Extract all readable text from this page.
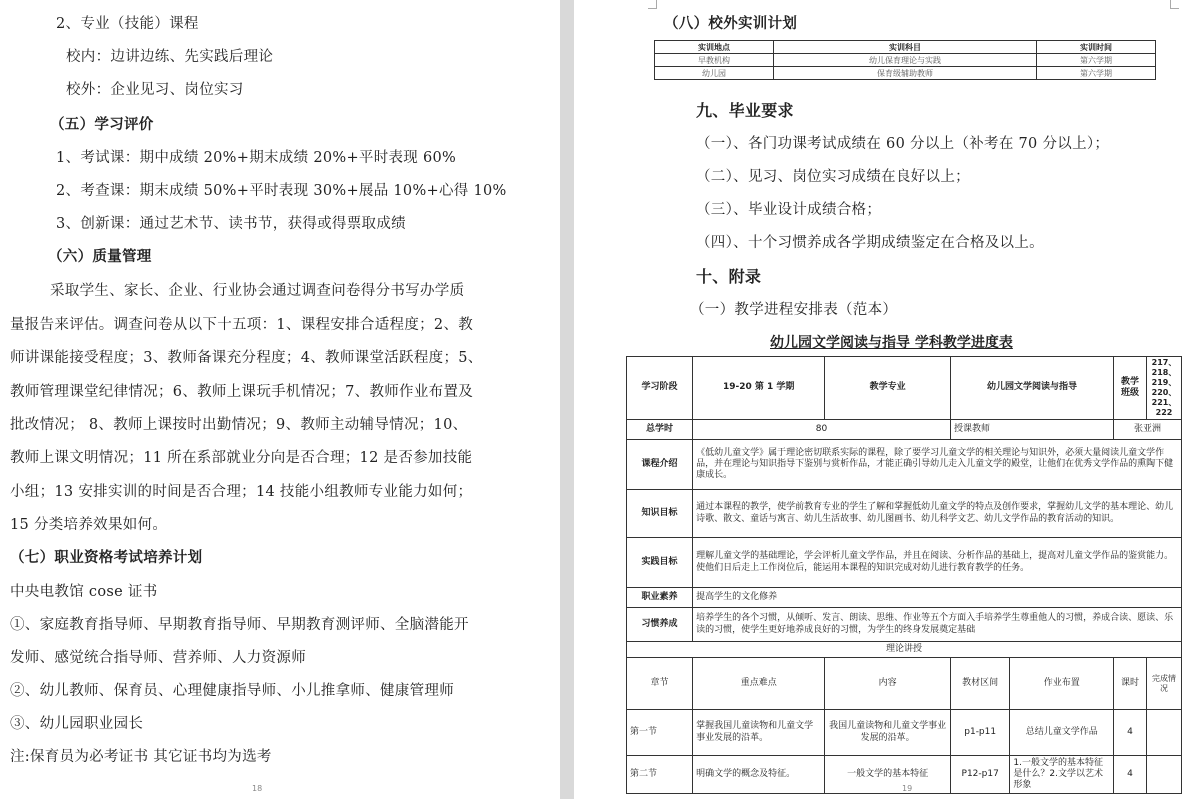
2、专业（技能）课程
校内：边讲边练、先实践后理论
校外：企业见习、岗位实习
（五）学习评价
1、考试课：期中成绩 20%+期末成绩 20%+平时表现 60%
2、考查课：期末成绩 50%+平时表现 30%+展品 10%+心得 10%
3、创新课：通过艺术节、读书节，获得或得票取成绩
（六）质量管理
采取学生、家长、企业、行业协会通过调查问卷得分书写办学质
量报告来评估。调查问卷从以下十五项：1、课程安排合适程度；2、教
师讲课能接受程度；3、教师备课充分程度；4、教师课堂活跃程度；5、
教师管理课堂纪律情况；6、教师上课玩手机情况；7、教师作业布置及
批改情况； 8、教师上课按时出勤情况；9、教师主动辅导情况；10、
教师上课文明情况；11 所在系部就业分向是否合理；12 是否参加技能
小组；13 安排实训的时间是否合理；14 技能小组教师专业能力如何；
15 分类培养效果如何。
（七）职业资格考试培养计划
中央电教馆 cose 证书
①、家庭教育指导师、早期教育指导师、早期教育测评师、全脑潜能开
发师、感觉统合指导师、营养师、人力资源师
②、幼儿教师、保育员、心理健康指导师、小儿推拿师、健康管理师
③、幼儿园职业园长
注:保育员为必考证书 其它证书均为选考
18
（八）校外实训计划
实训地点	实训科目	实训时间
早教机构	幼儿保育理论与实践	第六学期
幼儿园	保育级辅助教师	第六学期
九、毕业要求
（一）、各门功课考试成绩在 60 分以上（补考在 70 分以上）；
（二）、见习、岗位实习成绩在良好以上；
（三）、毕业设计成绩合格；
（四）、十个习惯养成各学期成绩鉴定在合格及以上。
十、附录
（一）教学进程安排表（范本）
幼儿园文学阅读与指导 学科教学进度表
学习阶段	19-20 第 1 学期	教学专业	幼儿园文学阅读与指导		教学班级	217、218、219、220、221、222
总学时	80		授课教师		张亚洲	
课程介绍	《低幼儿童文学》属于理论密切联系实际的课程，除了要学习儿童文学的相关理论与知识外，必须大量阅读儿童文学作品，并在理论与知识指导下鉴别与赏析作品，才能正确引导幼儿走入儿童文学的殿堂，让他们在优秀文学作品的熏陶下健康成长。					
知识目标	通过本课程的教学，使学前教育专业的学生了解和掌握低幼儿童文学的特点及创作要求，掌握幼儿文学的基本理论、幼儿诗歌、散文、童话与寓言、幼儿生活故事、幼儿图画书、幼儿科学文艺、幼儿文学作品的教育活动的知识。					
实践目标	理解儿童文学的基础理论，学会评析儿童文学作品，并且在阅读、分析作品的基础上，提高对儿童文学作品的鉴赏能力。使他们日后走上工作岗位后，能运用本课程的知识完成对幼儿进行教育教学的任务。					
职业素养	提高学生的文化修养					
习惯养成	培养学生的各个习惯，从倾听、发言、朗读、思维、作业等五个方面入手培养学生尊重他人的习惯，养成合读、愿读、乐读的习惯，使学生更好地养成良好的习惯，为学生的终身发展奠定基础					
理论讲授						
章节	重点难点	内容	教材区间	作业布置	课时	完成情况
第一节	掌握我国儿童读物和儿童文学事业发展的沿革。	我国儿童读物和儿童文学事业发展的沿革。	p1-p11	总结儿童文学作品	4	
第二节	明确文学的概念及特征。	一般文学的基本特征	P12-p17	1.一般文学的基本特征是什么？2.文学以艺术形象	4	
19
